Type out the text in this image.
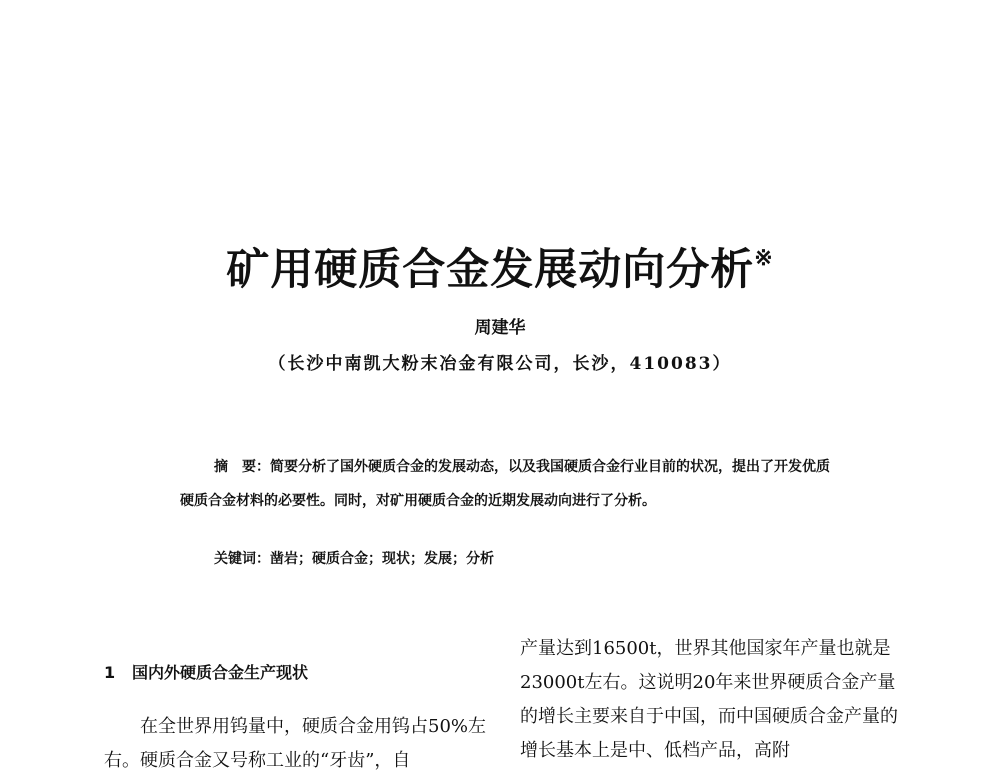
矿用硬质合金发展动向分析※
周建华
（长沙中南凯大粉末冶金有限公司，长沙，410083）

摘　要：简要分析了国外硬质合金的发展动态，以及我国硬质合金行业目前的状况，提出了开发优质硬质合金材料的必要性。同时，对矿用硬质合金的近期发展动向进行了分析。

关键词：凿岩；硬质合金；现状；发展；分析
1 国内外硬质合金生产现状

在全世界用钨量中，硬质合金用钨占50%左右。硬质合金又号称工业的“牙齿”，自

产量达到16500t，世界其他国家年产量也就是23000t左右。这说明20年来世界硬质合金产量的增长主要来自于中国，而中国硬质合金产量的增长基本上是中、低档产品，高附
